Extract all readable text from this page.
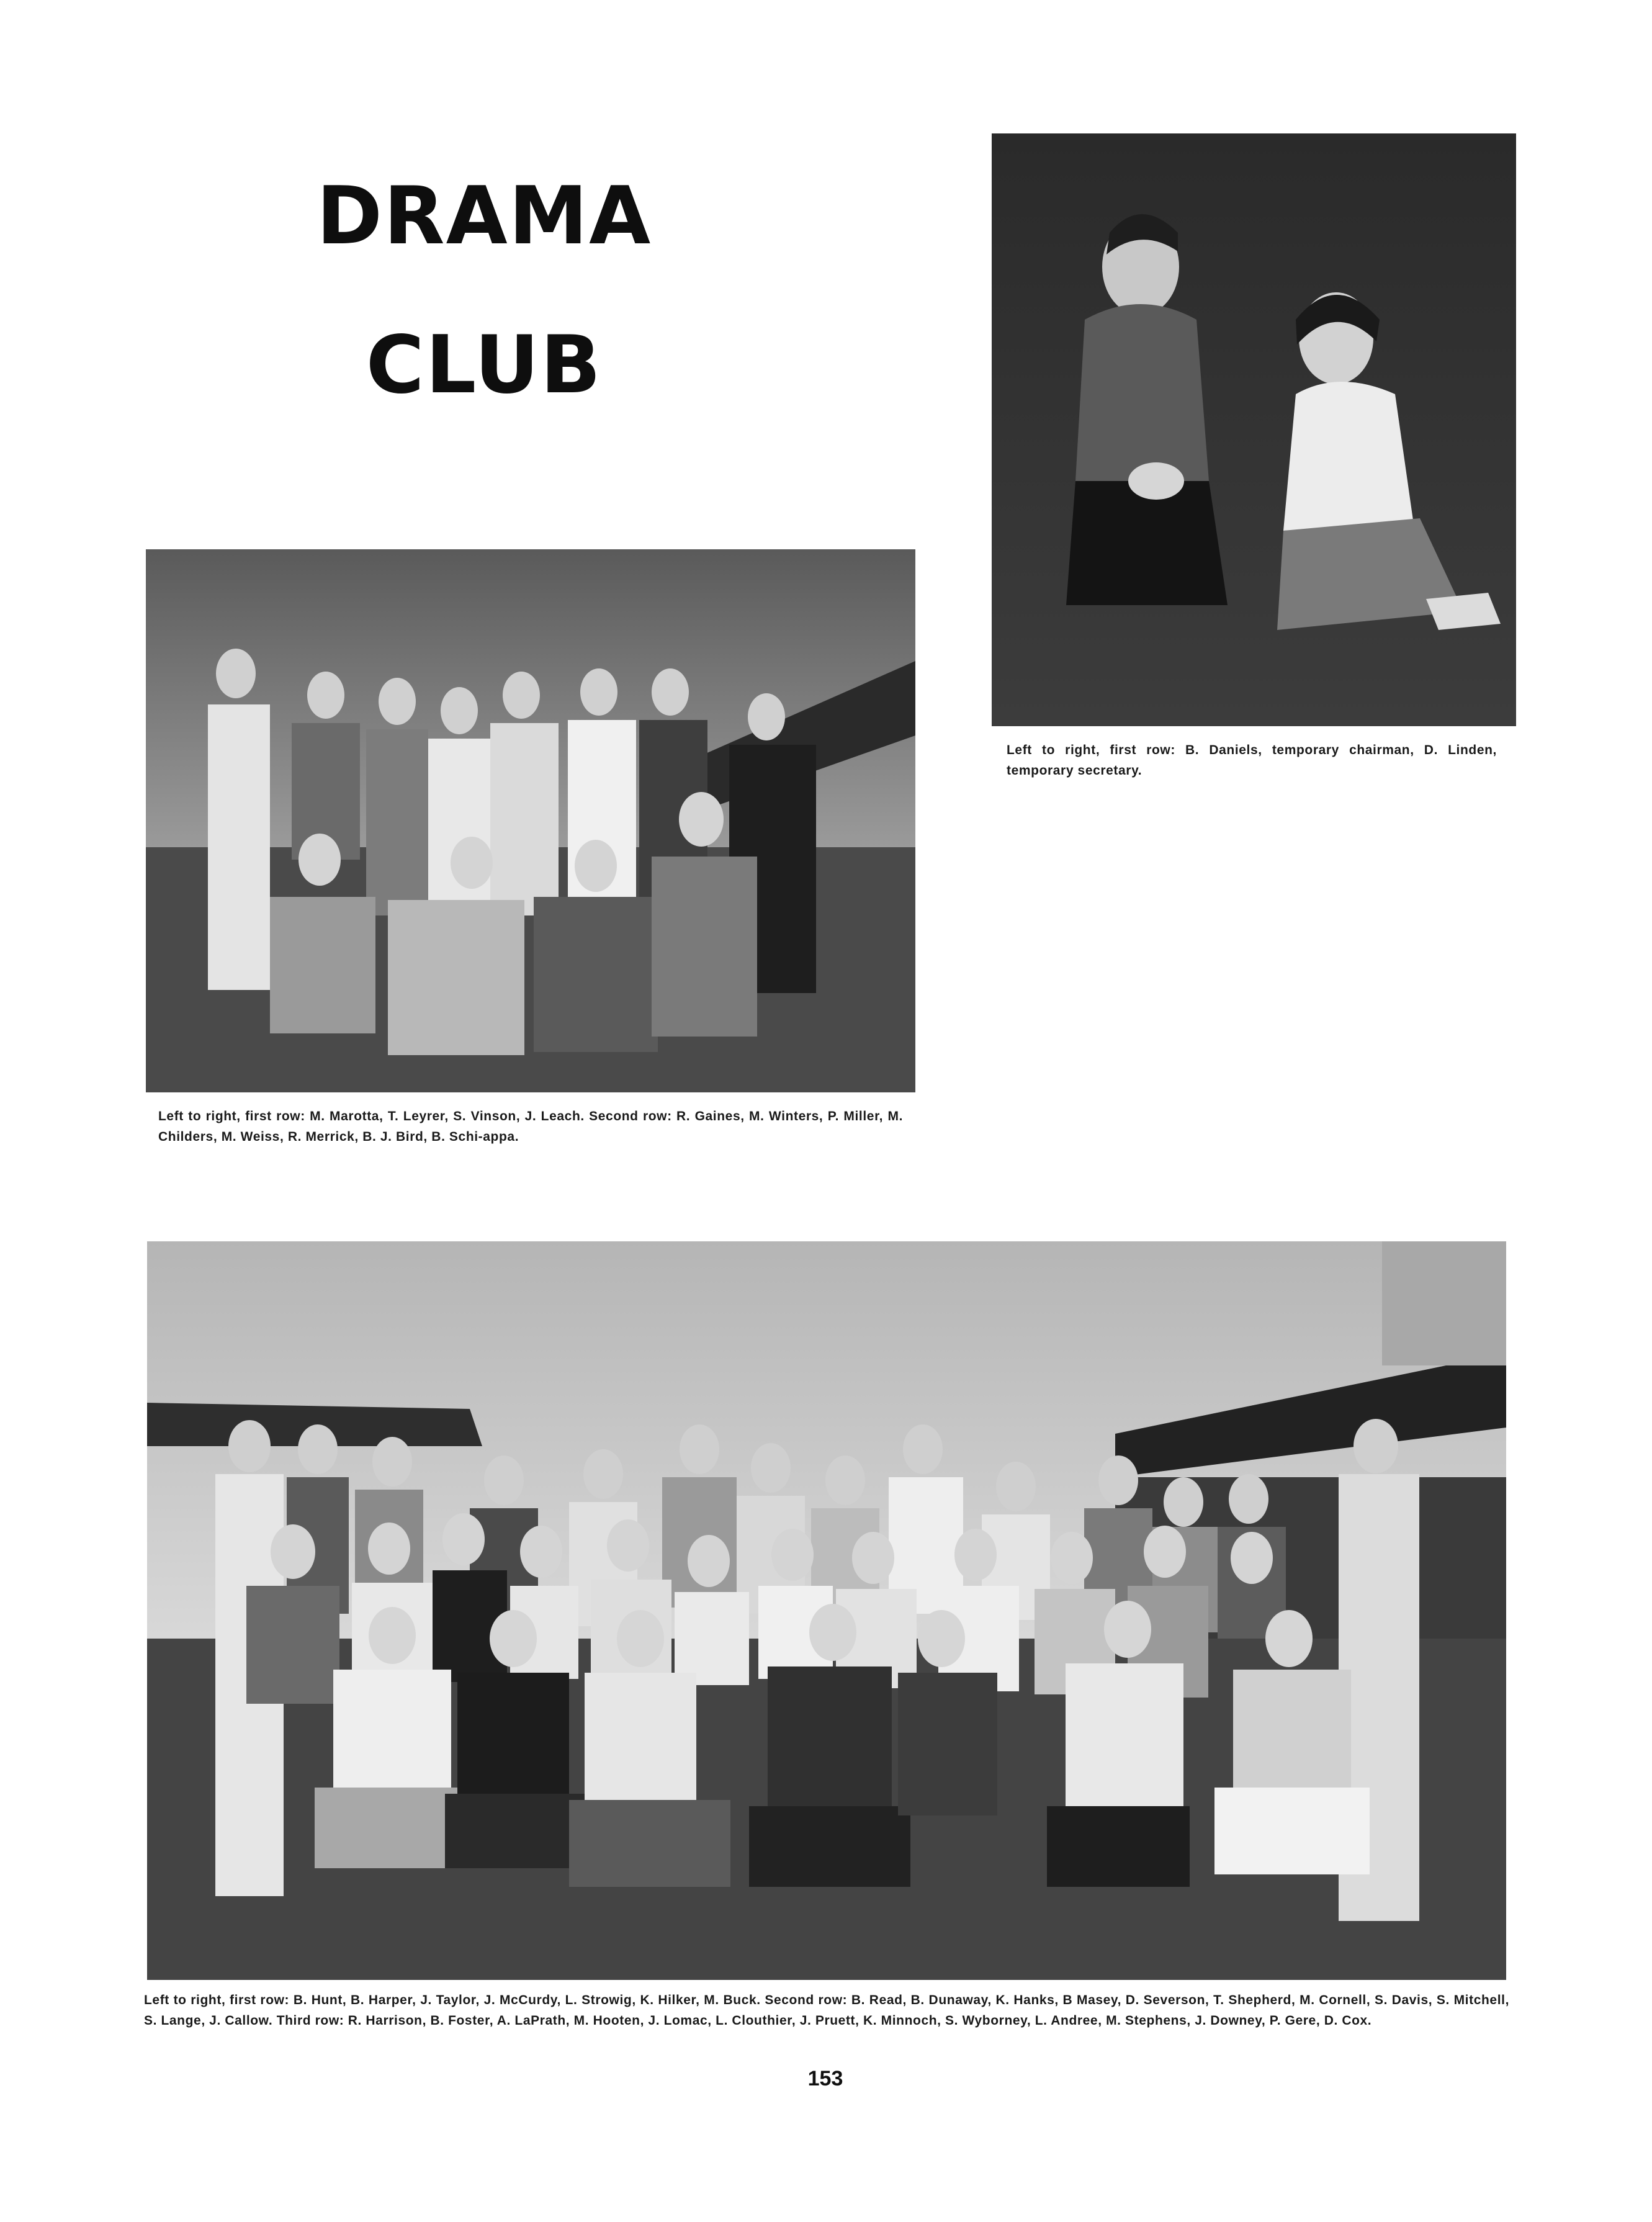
DRAMA
CLUB

Left to right, first row: B. Daniels, temporary chairman, D. Linden, temporary secretary.

Left to right, first row: M. Marotta, T. Leyrer, S. Vinson, J. Leach. Second row: R. Gaines, M. Winters, P. Miller, M. Childers, M. Weiss, R. Merrick, B. J. Bird, B. Schi-appa.

Left to right, first row: B. Hunt, B. Harper, J. Taylor, J. McCurdy, L. Strowig, K. Hilker, M. Buck. Second row: B. Read, B. Dunaway, K. Hanks, B Masey, D. Severson, T. Shepherd, M. Cornell, S. Davis, S. Mitchell, S. Lange, J. Callow. Third row: R. Harrison, B. Foster, A. LaPrath, M. Hooten, J. Lomac, L. Clouthier, J. Pruett, K. Minnoch, S. Wyborney, L. Andree, M. Stephens, J. Downey, P. Gere, D. Cox.

153
